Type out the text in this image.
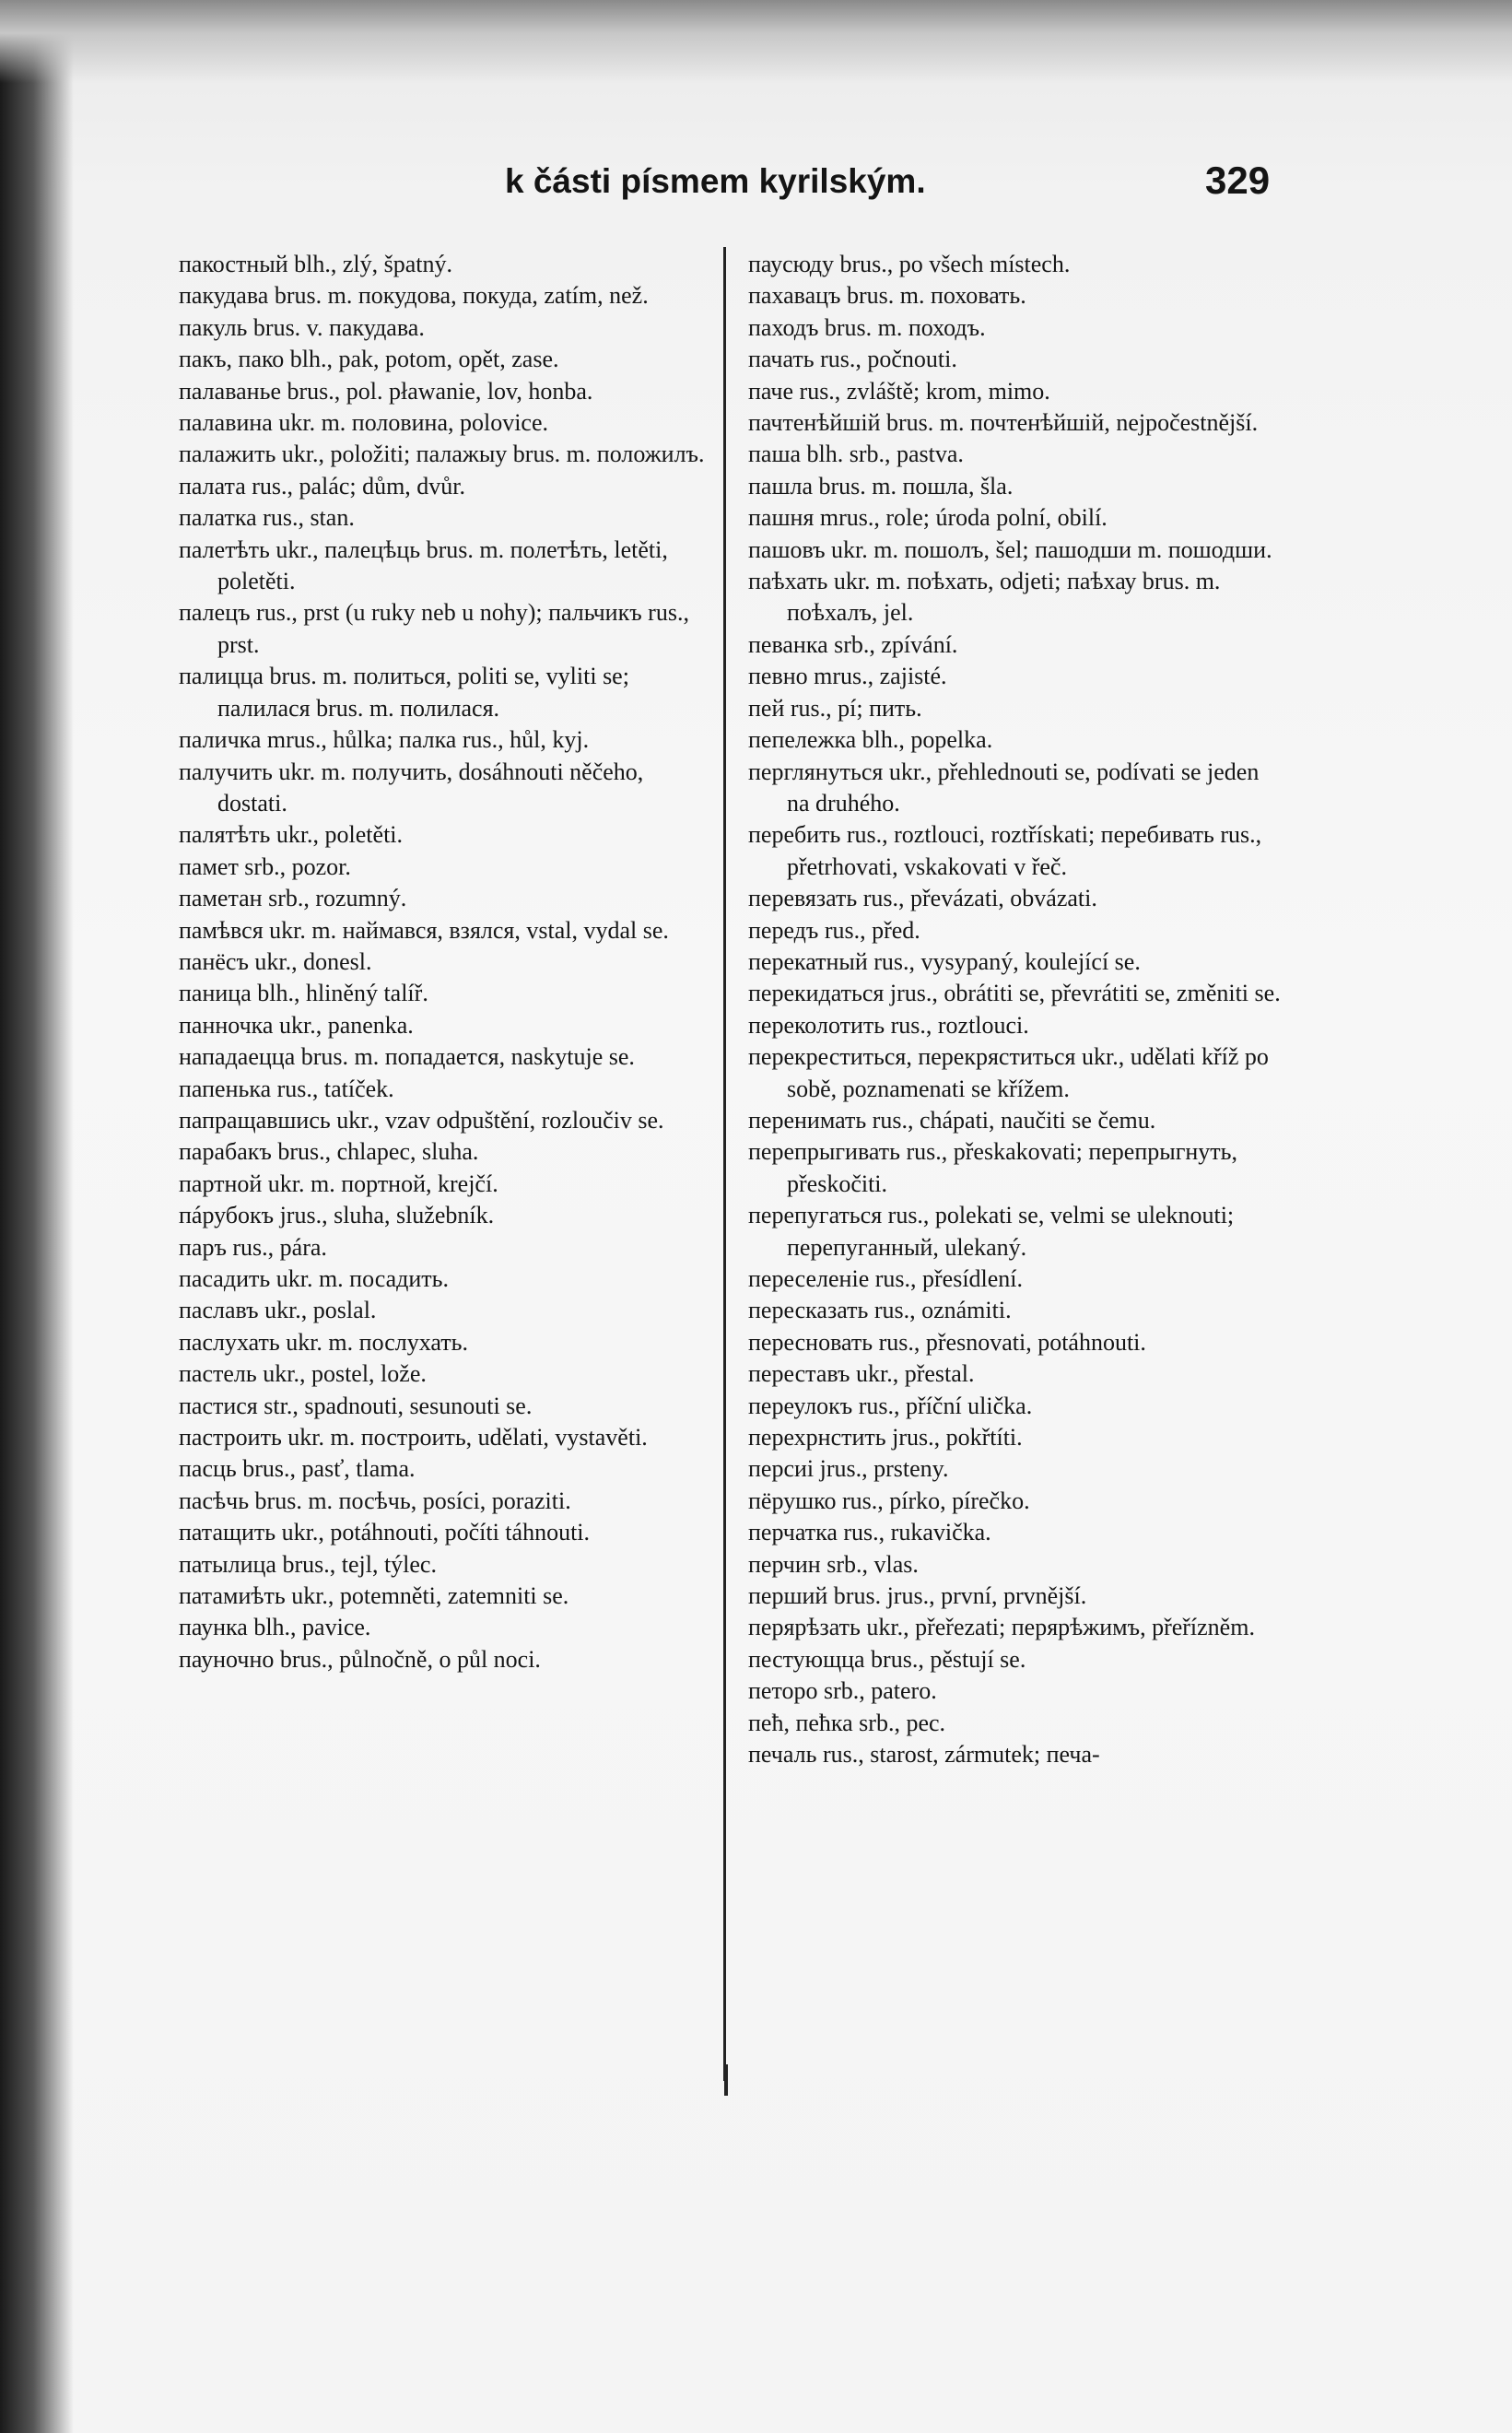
k části písmem kyrilským.	329

пакостный blh., zlý, špatný.

пакудава brus. m. покудова, покуда, zatím, než.

пакуль brus. v. пакудава.

пакъ, пако blh., pak, potom, opět, zase.

палаванье brus., pol. pławanie, lov, honba.

палавина ukr. m. половина, polovice.

палажить ukr., položiti; палажыу brus. m. положилъ.

палата rus., palác; dům, dvůr.

палатка rus., stan.

палетѣть ukr., палецѣць brus. m. полетѣть, letěti, poletěti.

палецъ rus., prst (u ruky neb u nohy); пальчикъ rus., prst.

палицца brus. m. политься, politi se, vyliti se; палилася brus. m. полилася.

паличка mrus., hůlka; палка rus., hůl, kyj.

палучить ukr. m. получить, dosáhnouti něčeho, dostati.

палятѣть ukr., poletěti.

памет srb., pozor.

паметан srb., rozumný.

памѣвся ukr. m. наймався, взялся, vstal, vydal se.

панёсъ ukr., donesl.

паница blh., hliněný talíř.

панночка ukr., panenka.

нападаецца brus. m. попадается, naskytuje se.

папенька rus., tatíček.

папращавшись ukr., vzav odpuštění, rozloučiv se.

парабакъ brus., chlapec, sluha.

партной ukr. m. портной, krejčí.

пáрубокъ jrus., sluha, služebník.

паръ rus., pára.

пасадить ukr. m. посадить.

паславъ ukr., poslal.

паслухать ukr. m. послухать.

пастель ukr., postel, lože.

пастися str., spadnouti, sesunouti se.

пастроить ukr. m. построить, udělati, vystavěti.

пасць brus., pasť, tlama.

пасѣчь brus. m. посѣчь, posíci, poraziti.

патащить ukr., potáhnouti, počíti táhnouti.

патылица brus., tejl, týlec.

патамиѣть ukr., potemněti, zatemniti se.

паунка blh., pavice.

пауночно brus., půlnočně, o půl noci.

паусюду brus., po všech místech.

пахавацъ brus. m. поховать.

паходъ brus. m. походъ.

пачать rus., počnouti.

паче rus., zvláště; krom, mimo.

пачтенѣйшій brus. m. почтенѣйшій, nejpočestnější.

паша blh. srb., pastva.

пашла brus. m. пошла, šla.

пашня mrus., role; úroda polní, obilí.

пашовъ ukr. m. пошолъ, šel; пашодши m. пошодши.

паѣхать ukr. m. поѣхать, odjeti; паѣхау brus. m. поѣхалъ, jel.

певанка srb., zpívání.

певно mrus., zajisté.

пей rus., pí; пить.

пепележка blh., popelka.

перглянуться ukr., přehlednouti se, podívati se jeden na druhého.

перебить rus., roztlouci, roztřískati; перебивать rus., přetrhovati, vskakovati v řeč.

перевязать rus., převázati, obvázati.

передъ rus., před.

перекатный rus., vysypaný, koulející se.

перекидаться jrus., obrátiti se, převrátiti se, změniti se.

переколотить rus., roztlouci.

перекреститься, перекряститься ukr., udělati kříž po sobě, poznamenati se křížem.

перенимать rus., chápati, naučiti se čemu.

перепрыгивать rus., přeskakovati; перепрыгнуть, přeskočiti.

перепугаться rus., polekati se, velmi se uleknouti; перепуганный, ulekaný.

переселеніе rus., přesídlení.

пересказать rus., oznámiti.

пересновать rus., přesnovati, potáhnouti.

переставъ ukr., přestal.

переулокъ rus., příční ulička.

перехрнстить jrus., pokřtíti.

персиі jrus., prsteny.

пёрушко rus., pírko, pírečko.

перчатка rus., rukavička.

перчин srb., vlas.

перший brus. jrus., první, prvnější.

перярѣзать ukr., přeřezati; перярѣжимъ, přeřízněm.

пестующца brus., pěstují se.

петоро srb., patero.

пећ, пећка srb., pec.

печаль rus., starost, zármutek; печа-
